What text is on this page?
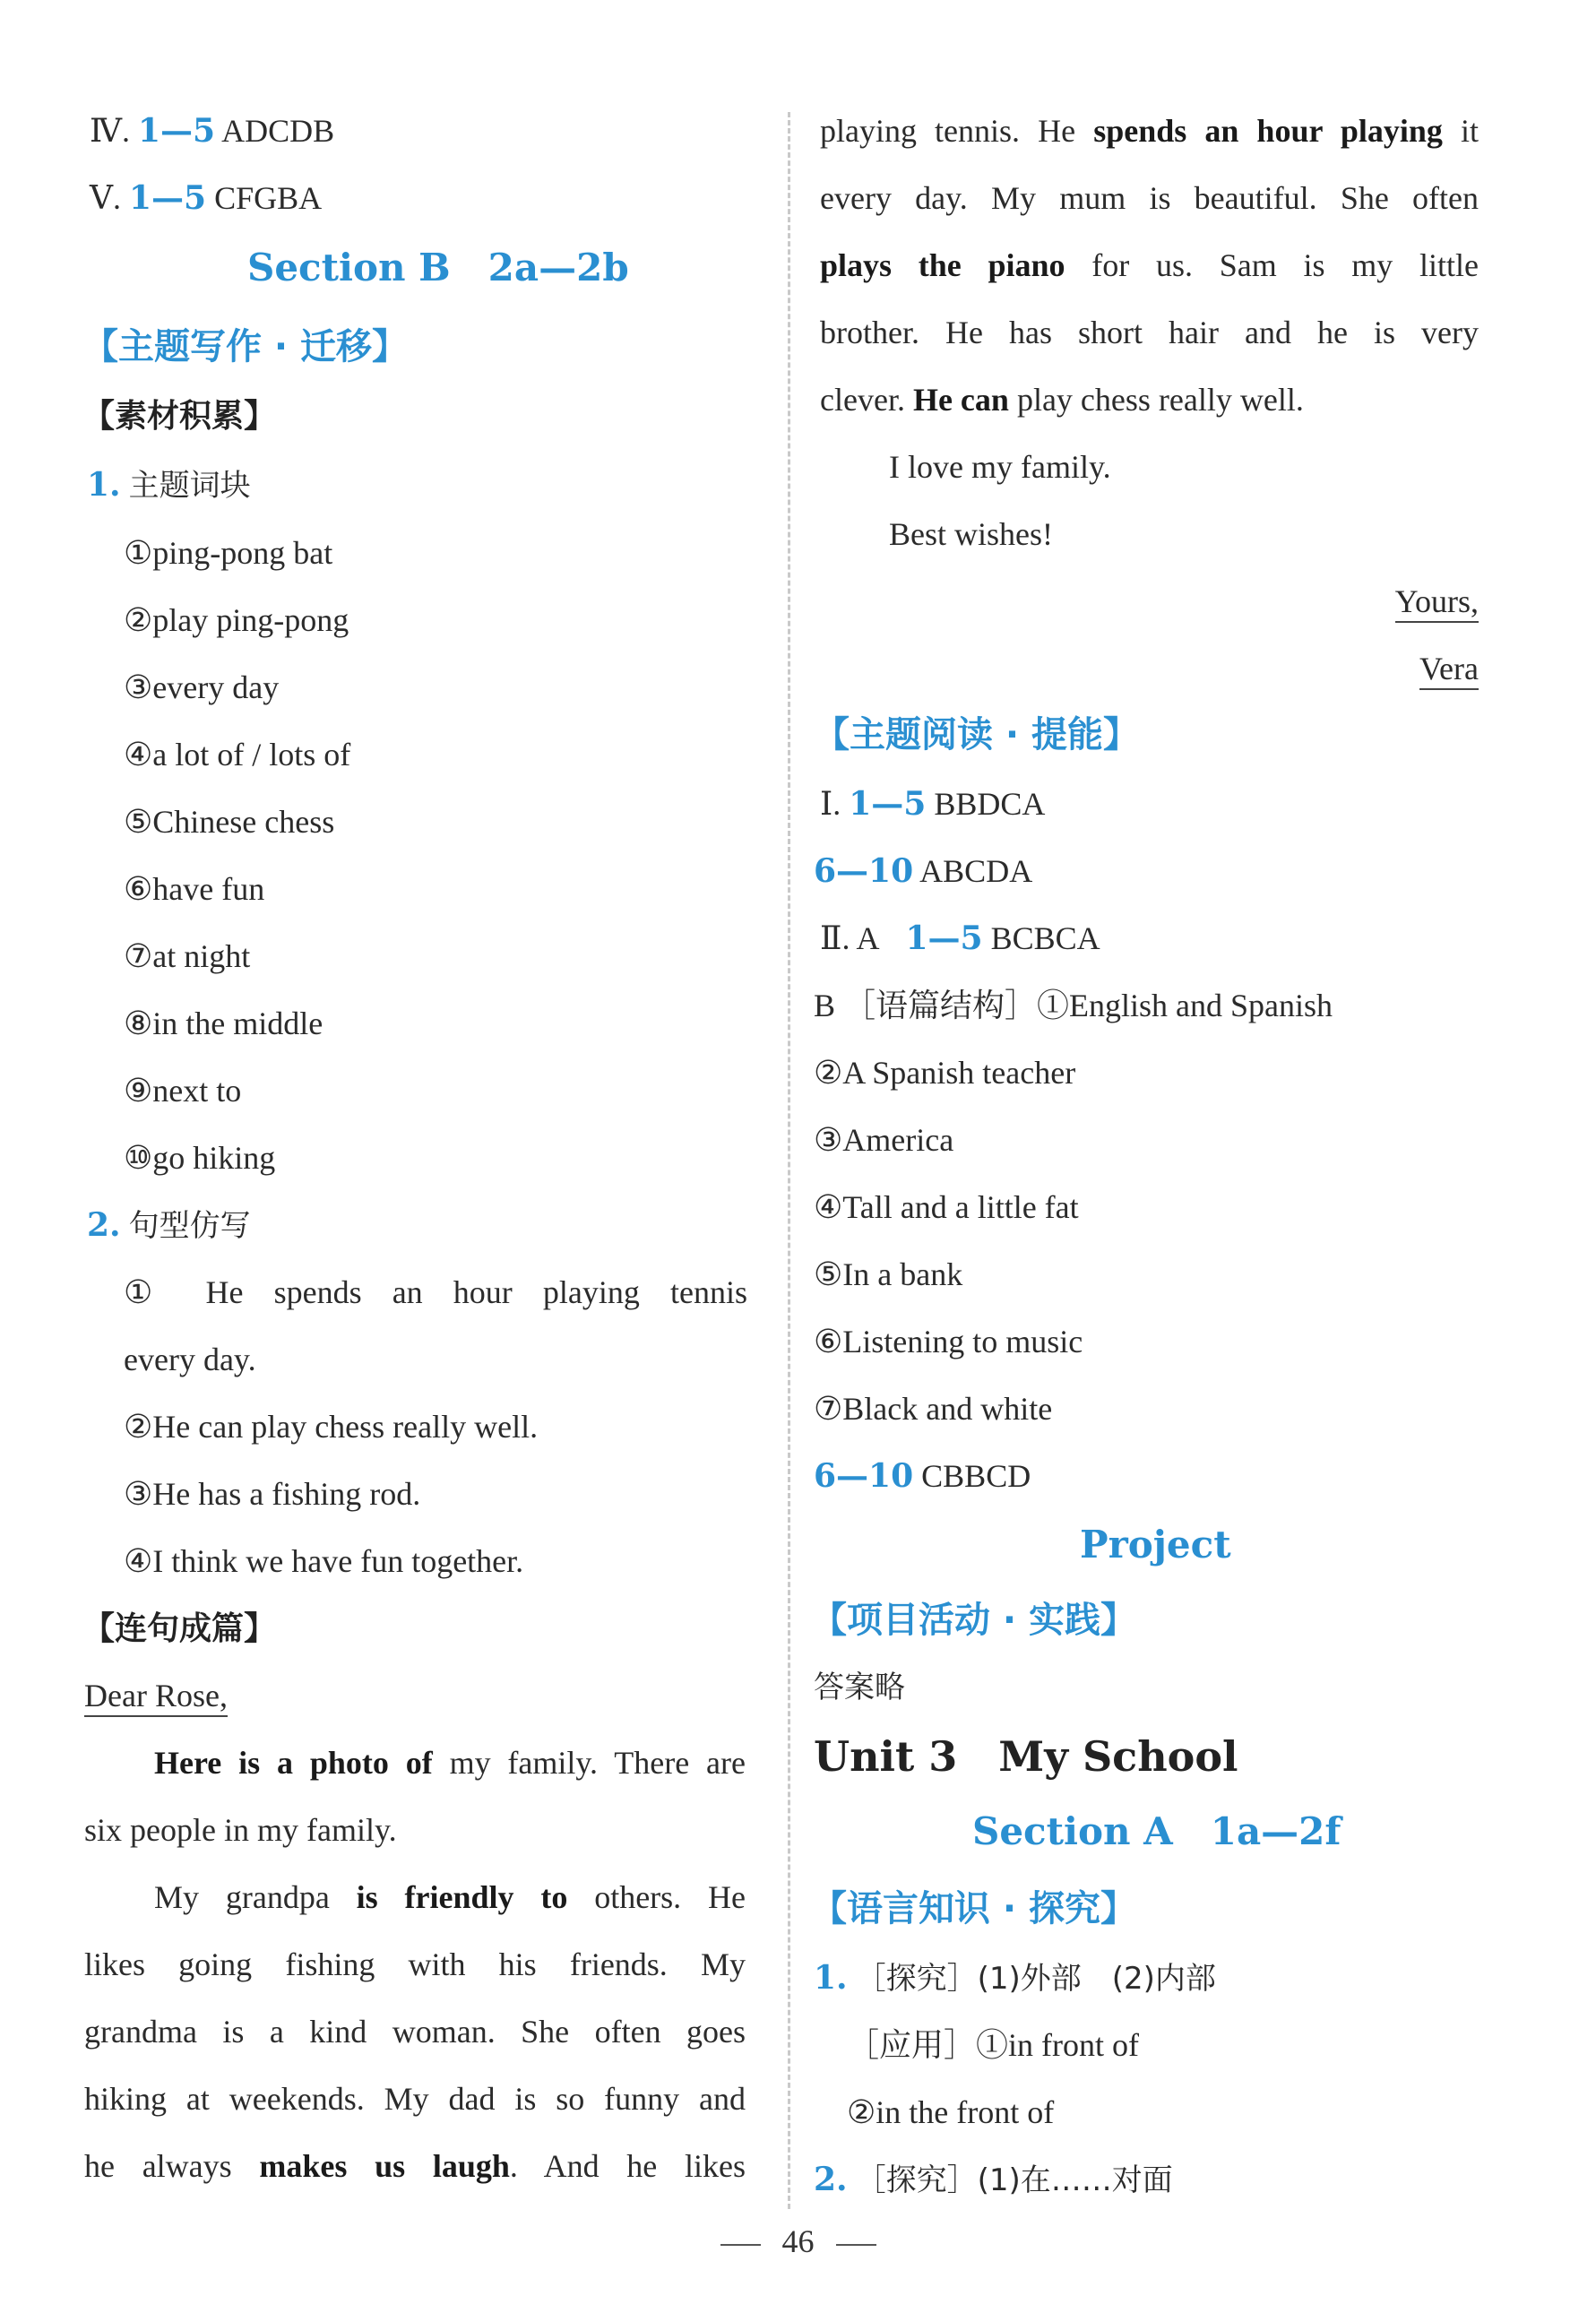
Ⅳ. 1—5 ADCDB
Ⅴ. 1—5 CFGBA
Section B　2a—2b
【主题写作 · 迁移】
【素材积累】
1. 主题词块
①ping-pong bat
②play ping-pong
③every day
④a lot of / lots of
⑤Chinese chess
⑥have fun
⑦at night
⑧in the middle
⑨next to
⑩go hiking
2. 句型仿写
① He spends an hour playing tennis
every day.
②He can play chess really well.
③He has a fishing rod.
④I think we have fun together.
【连句成篇】
Dear Rose,
Here is a photo of my family. There are
six people in my family.
My grandpa is friendly to others. He
likes going fishing with his friends. My
grandma is a kind woman. She often goes
hiking at weekends. My dad is so funny and
he always makes us laugh. And he likes
playing tennis. He spends an hour playing it
every day. My mum is beautiful. She often
plays the piano for us. Sam is my little
brother. He has short hair and he is very
clever. He can play chess really well.
I love my family.
Best wishes!
Yours,
Vera
【主题阅读 · 提能】
Ⅰ. 1—5 BBDCA
6—10 ABCDA
Ⅱ. A 1—5 BCBCA
B ［语篇结构］①English and Spanish
②A Spanish teacher
③America
④Tall and a little fat
⑤In a bank
⑥Listening to music
⑦Black and white
6—10 CBBCD
Project
【项目活动 · 实践】
答案略
Unit 3　My School
Section A　1a—2f
【语言知识 · 探究】
1. ［探究］(1)外部　(2)内部
［应用］①in front of
②in the front of
2. ［探究］(1)在……对面
46
